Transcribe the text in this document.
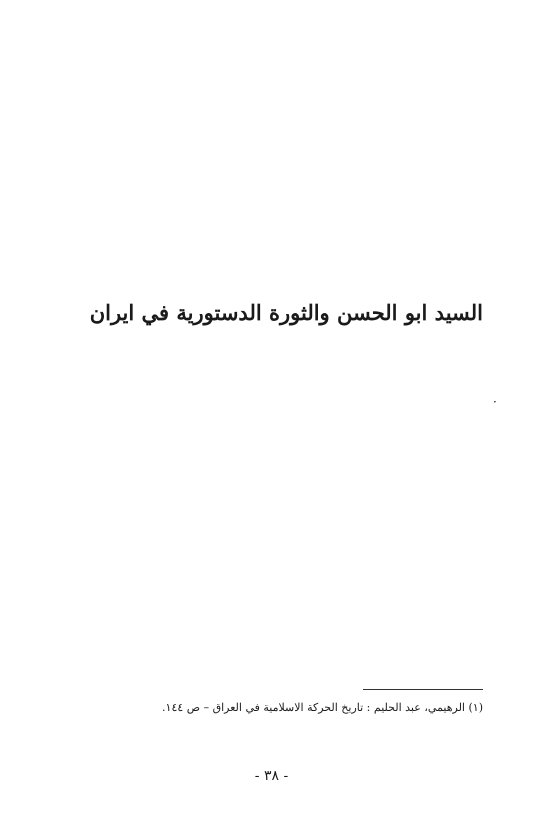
السيد ابو الحسن والثورة الدستورية في ايران
·
(١) الرهيمي، عبد الحليم : تاريخ الحركة الاسلامية في العراق – ص ١٤٤.
- ٣٨ -
